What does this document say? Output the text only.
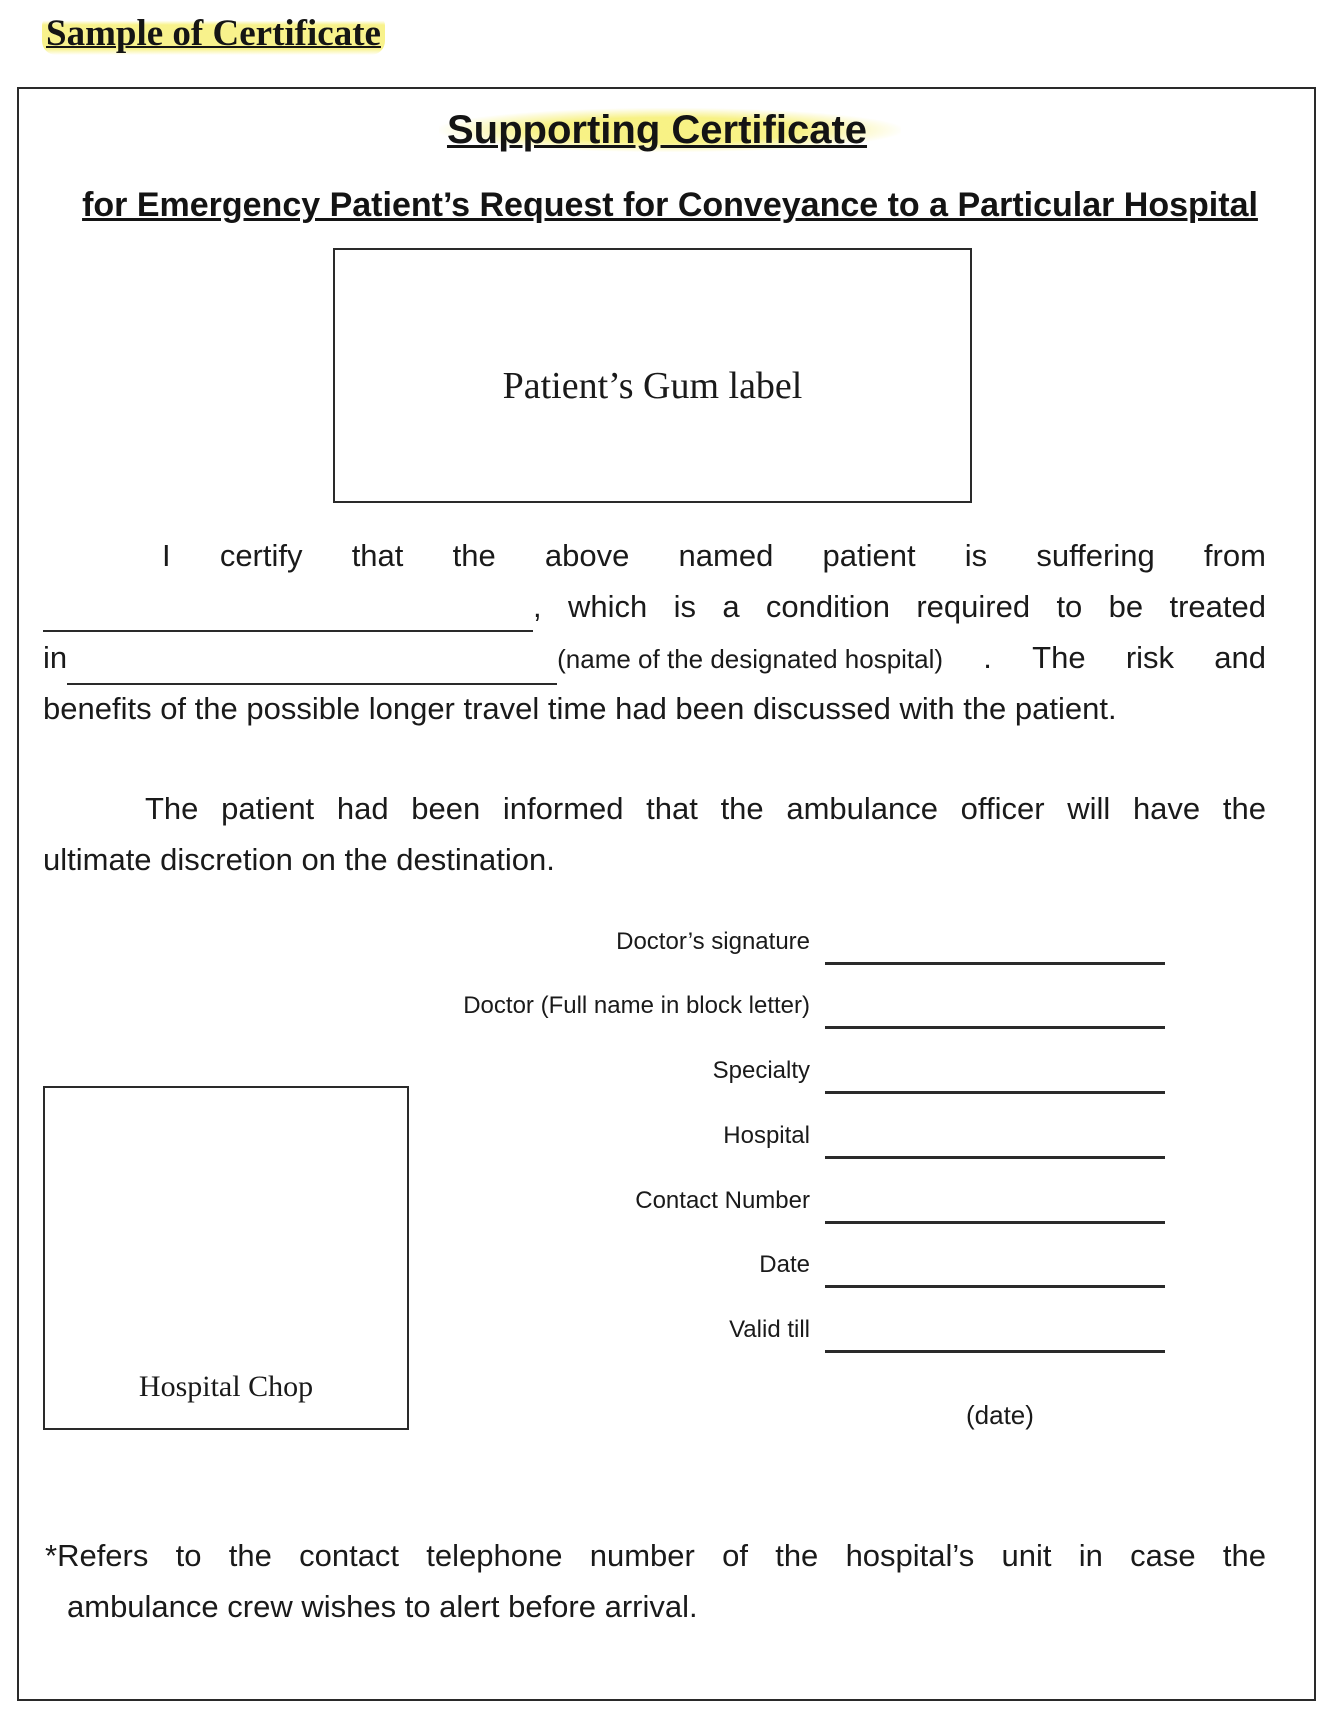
Sample of Certificate
Supporting Certificate
for Emergency Patient’s Request for Conveyance to a Particular Hospital
Patient’s Gum label
I certify that the above named patient is suffering from
, which is a condition required to be treated
in	(name of the designated hospital) . The risk and
benefits of the possible longer travel time had been discussed with the patient.
The patient had been informed that the ambulance officer will have the
ultimate discretion on the destination.
Doctor’s signature
Doctor (Full name in block letter)
Specialty
Hospital
Contact Number
Date
Valid till
(date)
Hospital Chop
*Refers to the contact telephone number of the hospital’s unit in case the
ambulance crew wishes to alert before arrival.
